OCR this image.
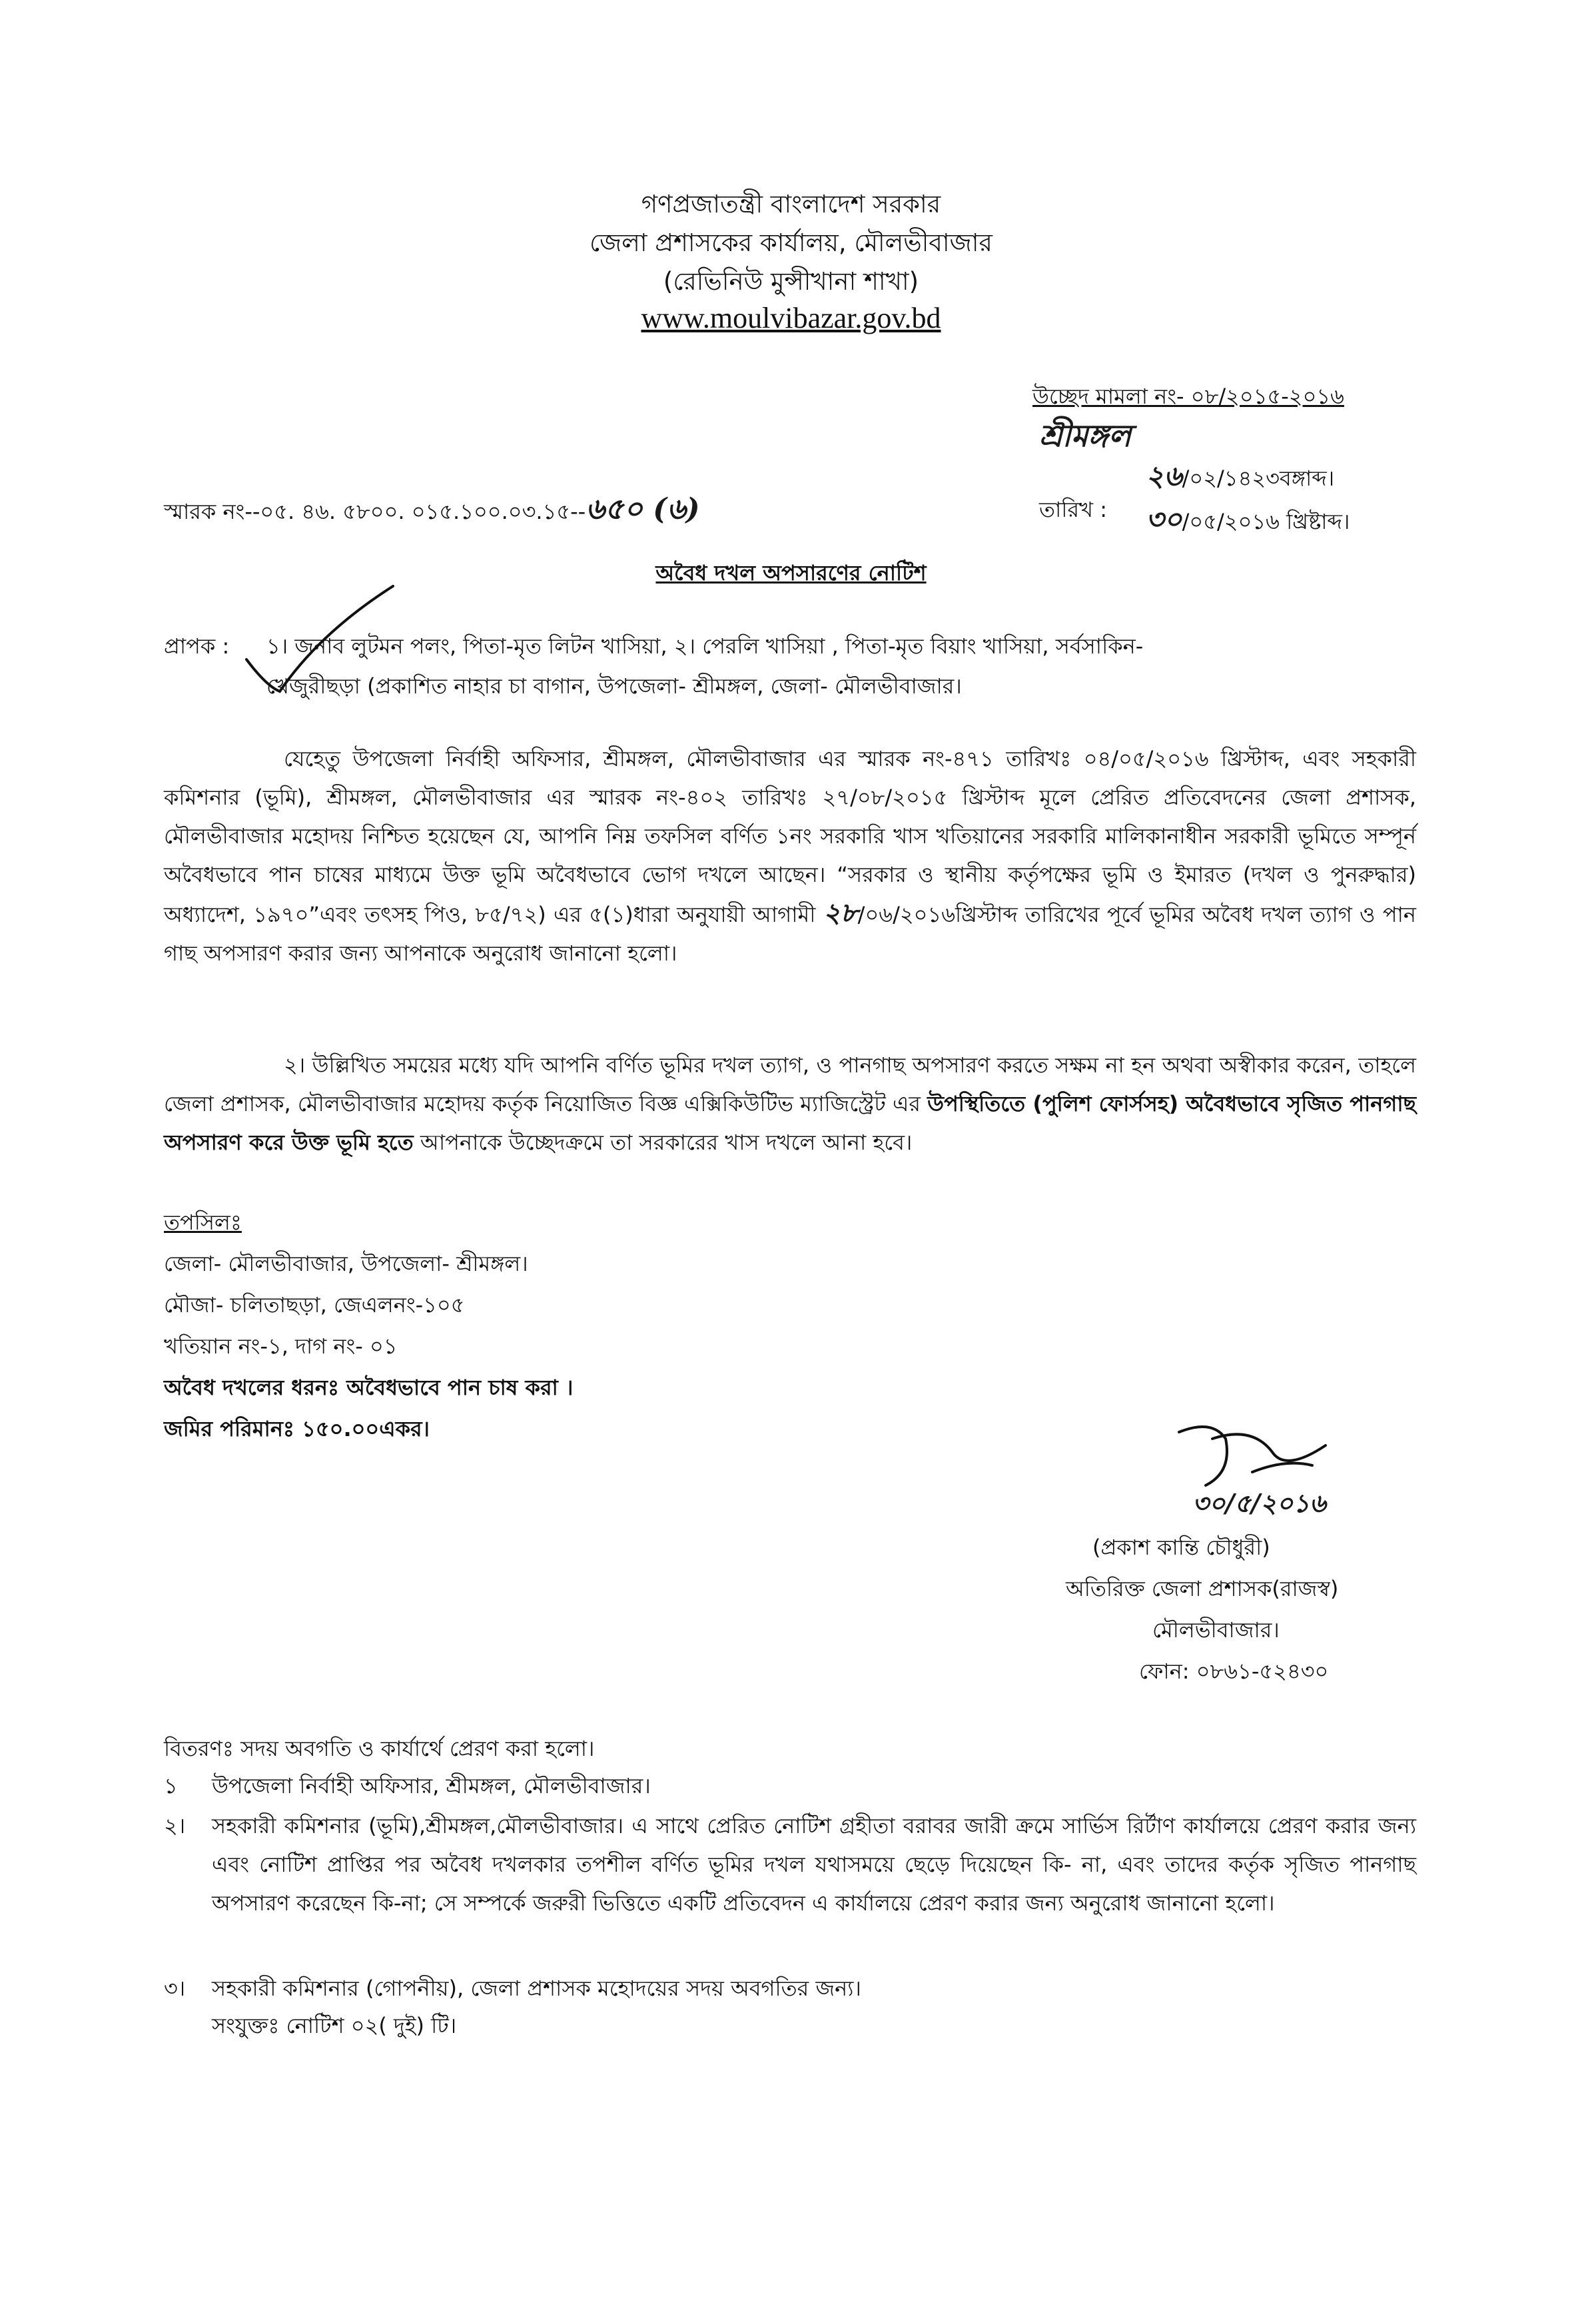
গণপ্রজাতন্ত্রী বাংলাদেশ সরকার
জেলা প্রশাসকের কার্যালয়, মৌলভীবাজার
(রেভিনিউ মুন্সীখানা শাখা)
www.moulvibazar.gov.bd
উচ্ছেদ মামলা নং- ০৮/২০১৫-২০১৬
শ্রীমঙ্গল
স্মারক নং--০৫. ৪৬. ৫৮০০. ০১৫.১০০.০৩.১৫--৬৫০ (৬)	তারিখ :
২৬/০২/১৪২৩বঙ্গাব্দ।
৩০/০৫/২০১৬ খ্রিষ্টাব্দ।
অবৈধ দখল অপসারণের নোটিশ
প্রাপক : ১। জনাব লুটমন পলং, পিতা-মৃত লিটন খাসিয়া, ২। পেরলি খাসিয়া , পিতা-মৃত বিয়াং খাসিয়া, সর্বসাকিন-
খেজুরীছড়া (প্রকাশিত নাহার চা বাগান, উপজেলা- শ্রীমঙ্গল, জেলা- মৌলভীবাজার।
যেহেতু উপজেলা নির্বাহী অফিসার, শ্রীমঙ্গল, মৌলভীবাজার এর স্মারক নং-৪৭১ তারিখঃ ০৪/০৫/২০১৬ খ্রিস্টাব্দ, এবং সহকারী কমিশনার (ভূমি), শ্রীমঙ্গল, মৌলভীবাজার এর স্মারক নং-৪০২ তারিখঃ ২৭/০৮/২০১৫ খ্রিস্টাব্দ মূলে প্রেরিত প্রতিবেদনের জেলা প্রশাসক, মৌলভীবাজার মহোদয় নিশ্চিত হয়েছেন যে, আপনি নিম্ন তফসিল বর্ণিত ১নং সরকারি খাস খতিয়ানের সরকারি মালিকানাধীন সরকারী ভূমিতে সম্পূর্ন অবৈধভাবে পান চাষের মাধ্যমে উক্ত ভূমি অবৈধভাবে ভোগ দখলে আছেন। “সরকার ও স্থানীয় কর্তৃপক্ষের ভূমি ও ইমারত (দখল ও পুনরুদ্ধার) অধ্যাদেশ, ১৯৭০”এবং তৎসহ পিও, ৮৫/৭২) এর ৫(১)ধারা অনুযায়ী আগামী ২৮/০৬/২০১৬খ্রিস্টাব্দ তারিখের পূর্বে ভূমির অবৈধ দখল ত্যাগ ও পান গাছ অপসারণ করার জন্য আপনাকে অনুরোধ জানানো হলো।
২। উল্লিখিত সময়ের মধ্যে যদি আপনি বর্ণিত ভূমির দখল ত্যাগ, ও পানগাছ অপসারণ করতে সক্ষম না হন অথবা অস্বীকার করেন, তাহলে জেলা প্রশাসক, মৌলভীবাজার মহোদয় কর্তৃক নিয়োজিত বিজ্ঞ এক্সিকিউটিভ ম্যাজিস্ট্রেট এর উপস্থিতিতে (পুলিশ ফোর্সসহ) অবৈধভাবে সৃজিত পানগাছ অপসারণ করে উক্ত ভূমি হতে আপনাকে উচ্ছেদক্রমে তা সরকারের খাস দখলে আনা হবে।
তপসিলঃ
জেলা- মৌলভীবাজার, উপজেলা- শ্রীমঙ্গল।
মৌজা- চলিতাছড়া, জেএলনং-১০৫
খতিয়ান নং-১, দাগ নং- ০১
অবৈধ দখলের ধরনঃ অবৈধভাবে পান চাষ করা ।
জমির পরিমানঃ ১৫০.০০একর।
৩০/৫/২০১৬
(প্রকাশ কান্তি চৌধুরী)
অতিরিক্ত জেলা প্রশাসক(রাজস্ব)
মৌলভীবাজার।
ফোন: ০৮৬১-৫২৪৩০
বিতরণঃ সদয় অবগতি ও কার্যার্থে প্রেরণ করা হলো।
১ উপজেলা নির্বাহী অফিসার, শ্রীমঙ্গল, মৌলভীবাজার।
২। সহকারী কমিশনার (ভূমি),শ্রীমঙ্গল,মৌলভীবাজার। এ সাথে প্রেরিত নোটিশ গ্রহীতা বরাবর জারী ক্রমে সার্ভিস রির্টাণ কার্যালয়ে প্রেরণ করার জন্য এবং নোটিশ প্রাপ্তির পর অবৈধ দখলকার তপশীল বর্ণিত ভূমির দখল যথাসময়ে ছেড়ে দিয়েছেন কি- না, এবং তাদের কর্তৃক সৃজিত পানগাছ অপসারণ করেছেন কি-না; সে সম্পর্কে জরুরী ভিত্তিতে একটি প্রতিবেদন এ কার্যালয়ে প্রেরণ করার জন্য অনুরোধ জানানো হলো।
৩। সহকারী কমিশনার (গোপনীয়), জেলা প্রশাসক মহোদয়ের সদয় অবগতির জন্য।
সংযুক্তঃ নোটিশ ০২( দুই) টি।
